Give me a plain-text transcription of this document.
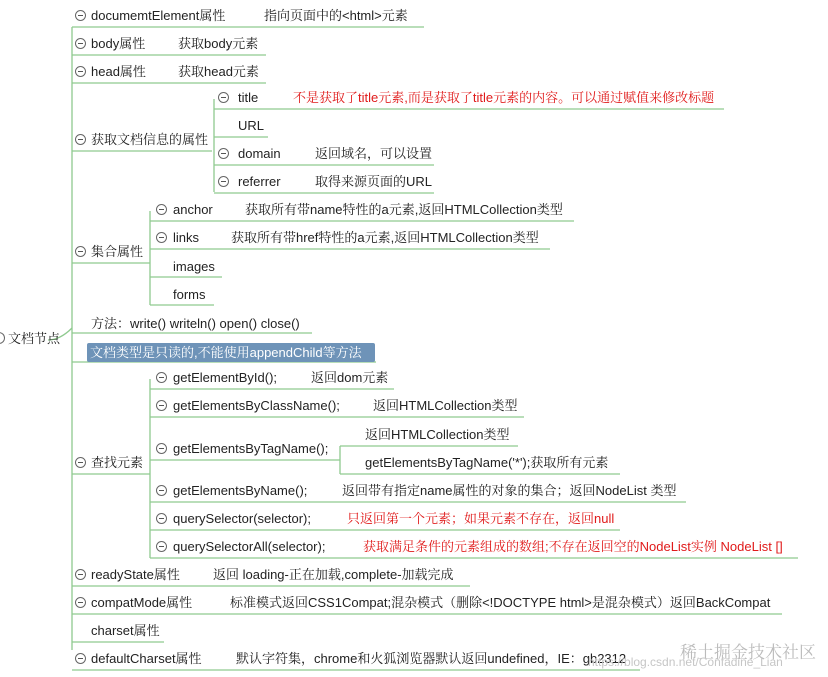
文档节点
documemtElement属性	指向页面中的<html>元素
body属性	获取body元素
head属性 获取head元素
获取文档信息的属性
title	不是获取了title元素,而是获取了title元素的内容。可以通过赋值来修改标题
URL
domain	返回域名，可以设置
referrer	取得来源页面的URL
集合属性
anchor 获取所有带name特性的a元素,返回HTMLCollection类型
links 获取所有带href特性的a元素,返回HTMLCollection类型
images
forms
方法：write() writeln() open() close()
文档类型是只读的,不能使用appendChild等方法
查找元素
getElementById();	返回dom元素
getElementsByClassName();	返回HTMLCollection类型
getElementsByTagName();
返回HTMLCollection类型
getElementsByTagName('*');获取所有元素
getElementsByName();	返回带有指定name属性的对象的集合；返回NodeList 类型
querySelector(selector);	只返回第一个元素；如果元素不存在，返回null
querySelectorAll(selector);	获取满足条件的元素组成的数组;不存在返回空的NodeList实例 NodeList []
readyState属性	返回 loading-正在加载,complete-加载完成
compatMode属性	标准模式返回CSS1Compat;混杂模式（删除<!DOCTYPE html>是混杂模式）返回BackCompat
charset属性
defaultCharset属性	默认字符集，chrome和火狐浏览器默认返回undefined，IE：gb2312	稀土掘金技术社区
https://blog.csdn.net/Confadine_Lian
